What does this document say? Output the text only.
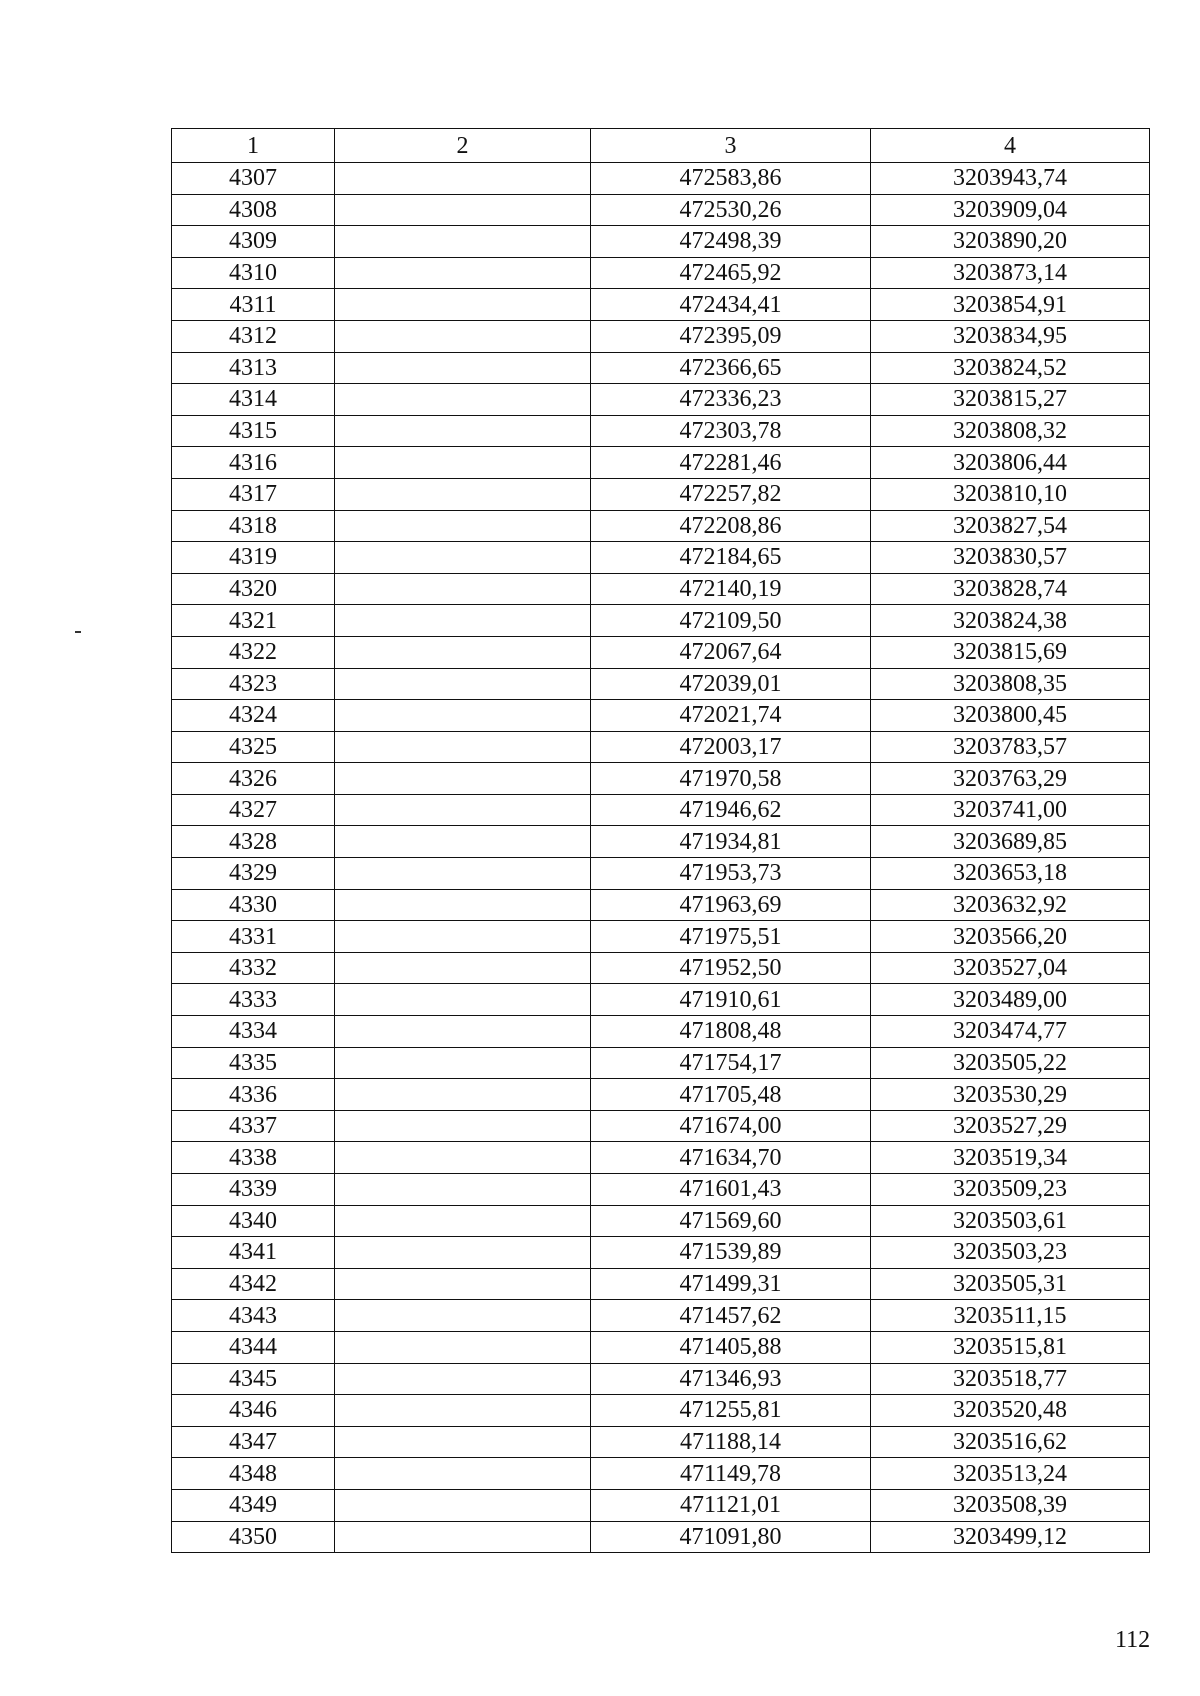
1	2	3	4
4307		472583,86	3203943,74
4308		472530,26	3203909,04
4309		472498,39	3203890,20
4310		472465,92	3203873,14
4311		472434,41	3203854,91
4312		472395,09	3203834,95
4313		472366,65	3203824,52
4314		472336,23	3203815,27
4315		472303,78	3203808,32
4316		472281,46	3203806,44
4317		472257,82	3203810,10
4318		472208,86	3203827,54
4319		472184,65	3203830,57
4320		472140,19	3203828,74
4321		472109,50	3203824,38
4322		472067,64	3203815,69
4323		472039,01	3203808,35
4324		472021,74	3203800,45
4325		472003,17	3203783,57
4326		471970,58	3203763,29
4327		471946,62	3203741,00
4328		471934,81	3203689,85
4329		471953,73	3203653,18
4330		471963,69	3203632,92
4331		471975,51	3203566,20
4332		471952,50	3203527,04
4333		471910,61	3203489,00
4334		471808,48	3203474,77
4335		471754,17	3203505,22
4336		471705,48	3203530,29
4337		471674,00	3203527,29
4338		471634,70	3203519,34
4339		471601,43	3203509,23
4340		471569,60	3203503,61
4341		471539,89	3203503,23
4342		471499,31	3203505,31
4343		471457,62	3203511,15
4344		471405,88	3203515,81
4345		471346,93	3203518,77
4346		471255,81	3203520,48
4347		471188,14	3203516,62
4348		471149,78	3203513,24
4349		471121,01	3203508,39
4350		471091,80	3203499,12
112
